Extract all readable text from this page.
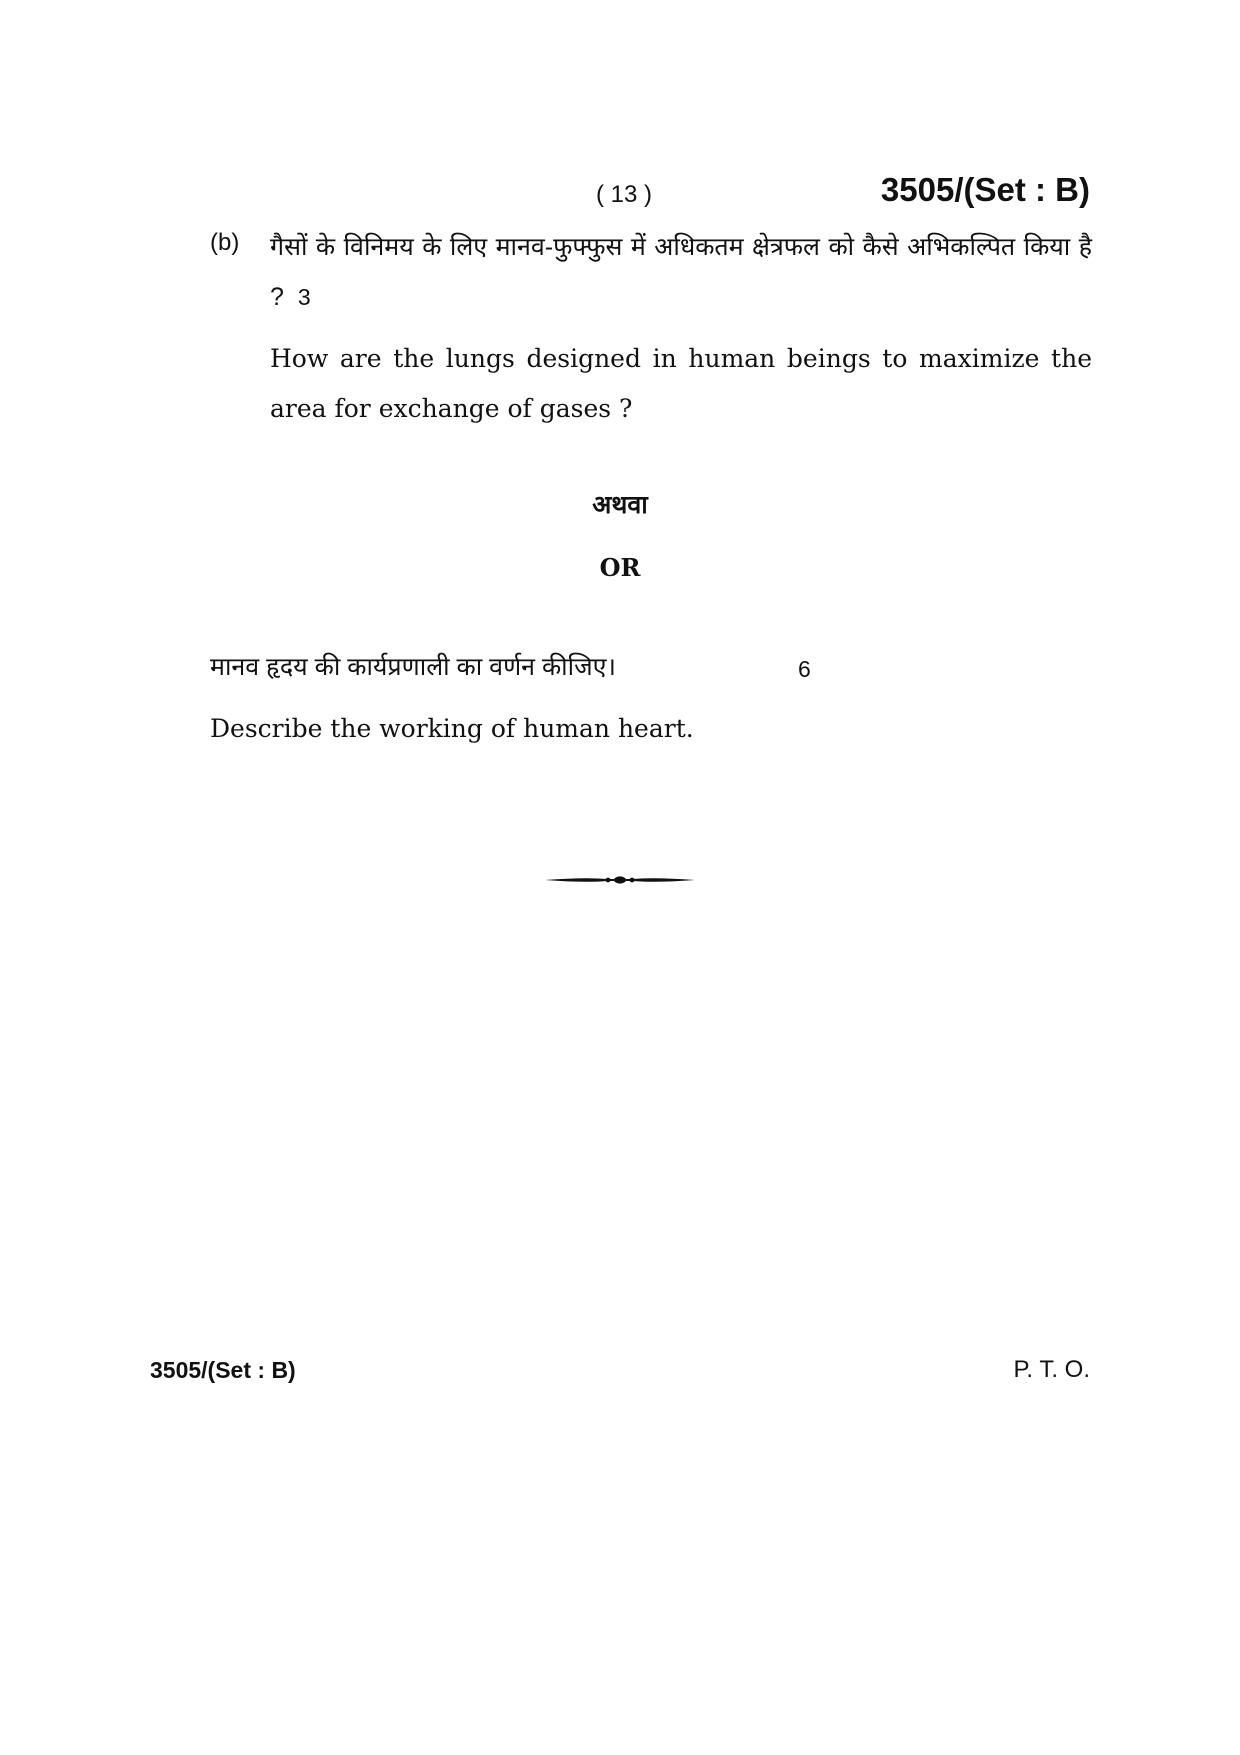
( 13 )	3505/(Set : B)
(b) गैसों के विनिमय के लिए मानव-फुफ्फुस में अधिकतम क्षेत्रफल को कैसे अभिकल्पित किया है ? 3
How are the lungs designed in human beings to maximize the area for exchange of gases ?
अथवा
OR
मानव हृदय की कार्यप्रणाली का वर्णन कीजिए।	6
Describe the working of human heart.
3505/(Set : B)	P. T. O.
